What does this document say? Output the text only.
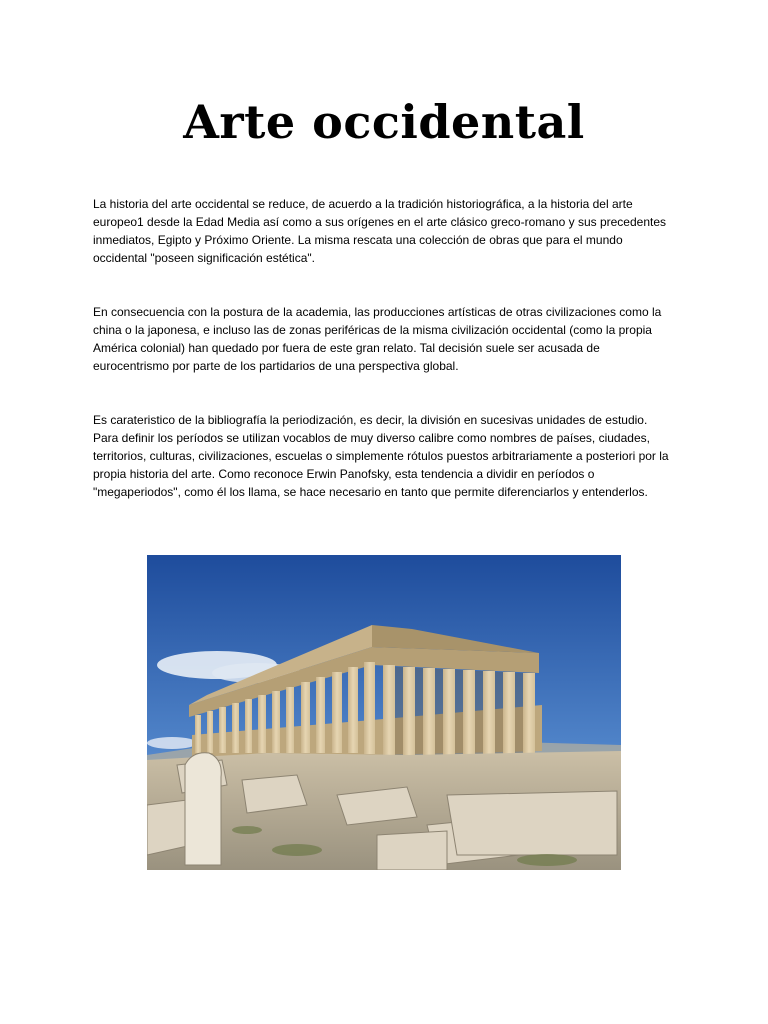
Arte occidental

La historia del arte occidental se reduce, de acuerdo a la tradición historiográfica, a la historia del arte europeo1 desde la Edad Media así como a sus orígenes en el arte clásico greco-romano y sus precedentes inmediatos, Egipto y Próximo Oriente. La misma rescata una colección de obras que para el mundo occidental "poseen significación estética".

En consecuencia con la postura de la academia, las producciones artísticas de otras civilizaciones como la china o la japonesa, e incluso las de zonas periféricas de la misma civilización occidental (como la propia América colonial) han quedado por fuera de este gran relato. Tal decisión suele ser acusada de eurocentrismo por parte de los partidarios de una perspectiva global.

Es carateristico de la bibliografía la periodización, es decir, la división en sucesivas unidades de estudio. Para definir los períodos se utilizan vocablos de muy diverso calibre como nombres de países, ciudades, territorios, culturas, civilizaciones, escuelas o simplemente rótulos puestos arbitrariamente a posteriori por la propia historia del arte. Como reconoce Erwin Panofsky, esta tendencia a dividir en períodos o "megaperiodos", como él los llama, se hace necesario en tanto que permite diferenciarlos y entenderlos.
